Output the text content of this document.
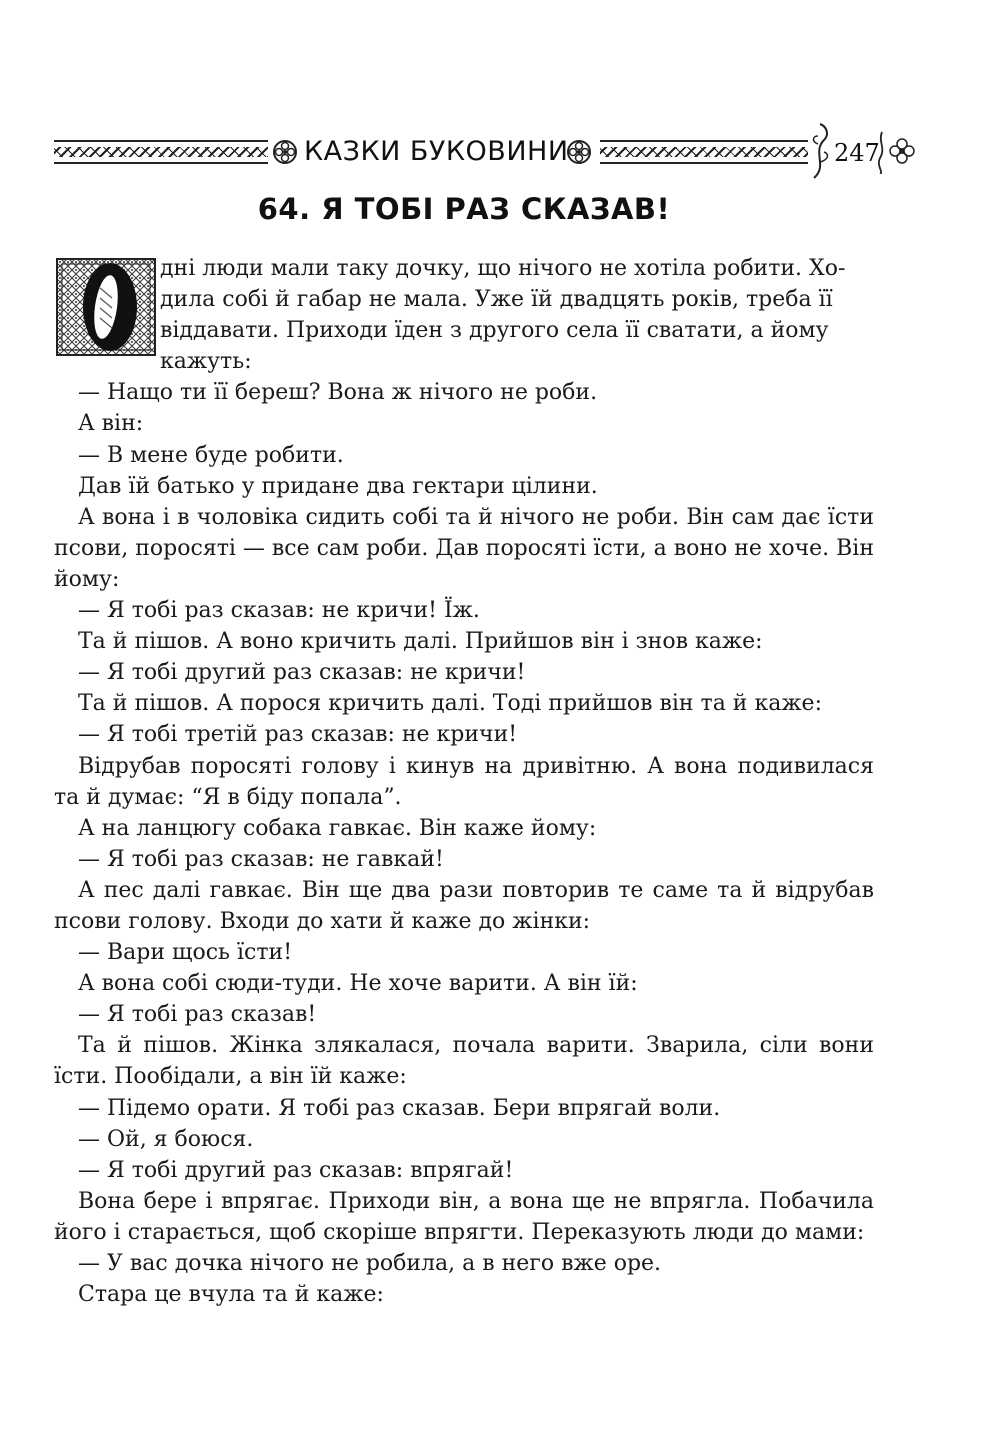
КАЗКИ БУКОВИНИ	247
64. Я ТОБІ РАЗ СКАЗАВ!
О

дні люди мали таку дочку, що нічого не хотіла робити. Хо-
дила собі й габар не мала. Уже їй двадцять років, треба її
віддавати. Приходи їден з другого села її сватати, а йому
кажуть:

— Нащо ти її береш? Вона ж нічого не роби.

А він:

— В мене буде робити.

Дав їй батько у придане два гектари цілини.

А вона і в чоловіка сидить собі та й нічого не роби. Він сам дає їсти псови, поросяті — все сам роби. Дав поросяті їсти, а воно не хоче. Він йому:

— Я тобі раз сказав: не кричи! Їж.

Та й пішов. А воно кричить далі. Прийшов він і знов каже:

— Я тобі другий раз сказав: не кричи!

Та й пішов. А порося кричить далі. Тоді прийшов він та й каже:

— Я тобі третій раз сказав: не кричи!

Відрубав поросяті голову і кинув на дривітню. А вона подивилася та й думає: “Я в біду попала”.

А на ланцюгу собака гавкає. Він каже йому:

— Я тобі раз сказав: не гавкай!

А пес далі гавкає. Він ще два рази повторив те саме та й відрубав псови голову. Входи до хати й каже до жінки:

— Вари щось їсти!

А вона собі сюди-туди. Не хоче варити. А він їй:

— Я тобі раз сказав!

Та й пішов. Жінка злякалася, почала варити. Зварила, сіли вони їсти. Пообідали, а він їй каже:

— Підемо орати. Я тобі раз сказав. Бери впрягай воли.

— Ой, я боюся.

— Я тобі другий раз сказав: впрягай!

Вона бере і впрягає. Приходи він, а вона ще не впрягла. Побачила його і старається, щоб скоріше впрягти. Переказують люди до мами:

— У вас дочка нічого не робила, а в него вже оре.

Стара це вчула та й каже:
